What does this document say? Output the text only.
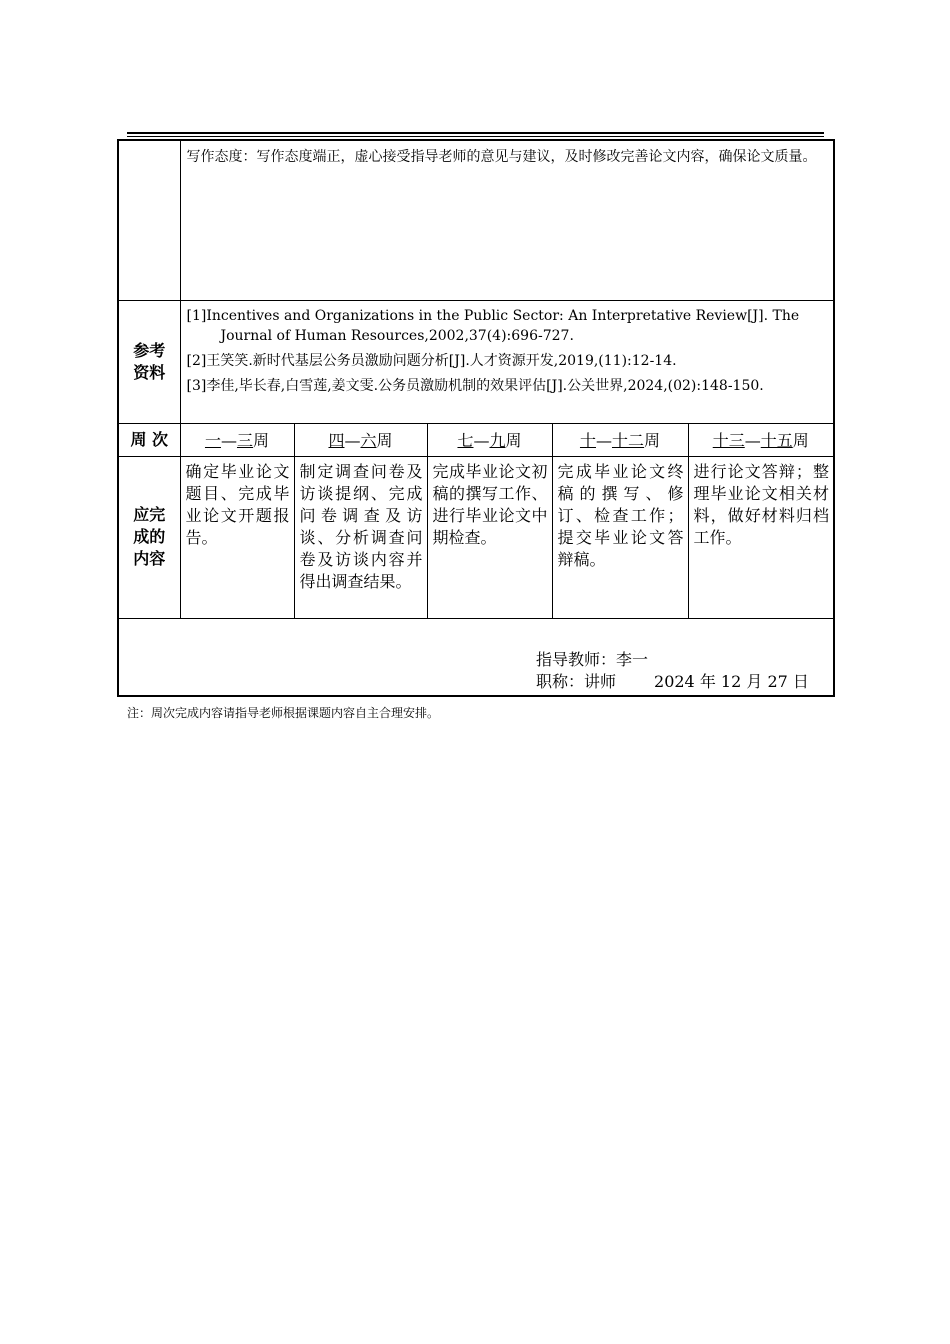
	写作态度：写作态度端正，虚心接受指导老师的意见与建议，及时修改完善论文内容，确保论文质量。				
参考资料	[1]Incentives and Organizations in the Public Sector: An Interpretative Review[J]. The Journal of Human Resources,2002,37(4):696-727.

[2]王笑笑.新时代基层公务员激励问题分析[J].人才资源开发,2019,(11):12-14.

[3]李佳,毕长春,白雪莲,姜文雯.公务员激励机制的效果评估[J].公关世界,2024,(02):148-150.				

周 次	一—三周	四—六周	七—九周	十—十二周	十三—十五周
应完成的内容	确定毕业论文题目、完成毕业论文开题报告。	制定调查问卷及访谈提纲、完成问卷调查及访谈、分析调查问卷及访谈内容并得出调查结果。	完成毕业论文初稿的撰写工作、进行毕业论文中期检查。	完成毕业论文终稿的撰写、修订、检查工作；提交毕业论文答辩稿。	进行论文答辩；整理毕业论文相关材料，做好材料归档工作。

指导教师：李一
职称：讲师 2024 年 12 月 27 日					
注：周次完成内容请指导老师根据课题内容自主合理安排。
